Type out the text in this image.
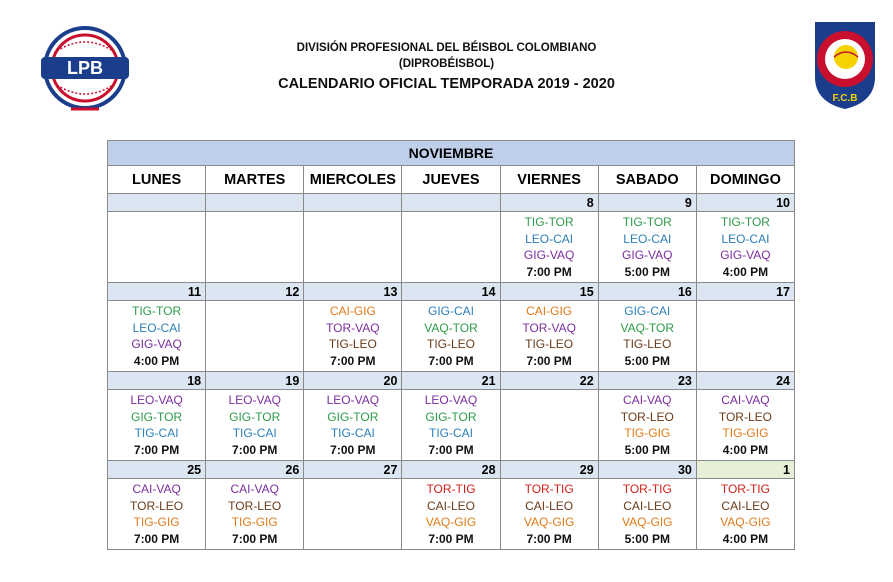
LPB
F.C.B
DIVISIÓN PROFESIONAL DEL BÉISBOL COLOMBIANO
(DIPROBÉISBOL)
CALENDARIO OFICIAL TEMPORADA 2019 - 2020
NOVIEMBRE						
LUNES	MARTES	MIERCOLES	JUEVES	VIERNES	SABADO	DOMINGO
				8	9	10

				TIG-TOR
LEO-CAI
GIG-VAQ
7:00 PM	TIG-TOR
LEO-CAI
GIG-VAQ
5:00 PM	TIG-TOR
LEO-CAI
GIG-VAQ
4:00 PM

11	12	13	14	15	16	17

TIG-TOR
LEO-CAI
GIG-VAQ
4:00 PM		CAI-GIG
TOR-VAQ
TIG-LEO
7:00 PM	GIG-CAI
VAQ-TOR
TIG-LEO
7:00 PM	CAI-GIG
TOR-VAQ
TIG-LEO
7:00 PM	GIG-CAI
VAQ-TOR
TIG-LEO
5:00 PM	

18	19	20	21	22	23	24

LEO-VAQ
GIG-TOR
TIG-CAI
7:00 PM	LEO-VAQ
GIG-TOR
TIG-CAI
7:00 PM	LEO-VAQ
GIG-TOR
TIG-CAI
7:00 PM	LEO-VAQ
GIG-TOR
TIG-CAI
7:00 PM		CAI-VAQ
TOR-LEO
TIG-GIG
5:00 PM	CAI-VAQ
TOR-LEO
TIG-GIG
4:00 PM

25	26	27	28	29	30	1

CAI-VAQ
TOR-LEO
TIG-GIG
7:00 PM	CAI-VAQ
TOR-LEO
TIG-GIG
7:00 PM		TOR-TIG
CAI-LEO
VAQ-GIG
7:00 PM	TOR-TIG
CAI-LEO
VAQ-GIG
7:00 PM	TOR-TIG
CAI-LEO
VAQ-GIG
5:00 PM	TOR-TIG
CAI-LEO
VAQ-GIG
4:00 PM
